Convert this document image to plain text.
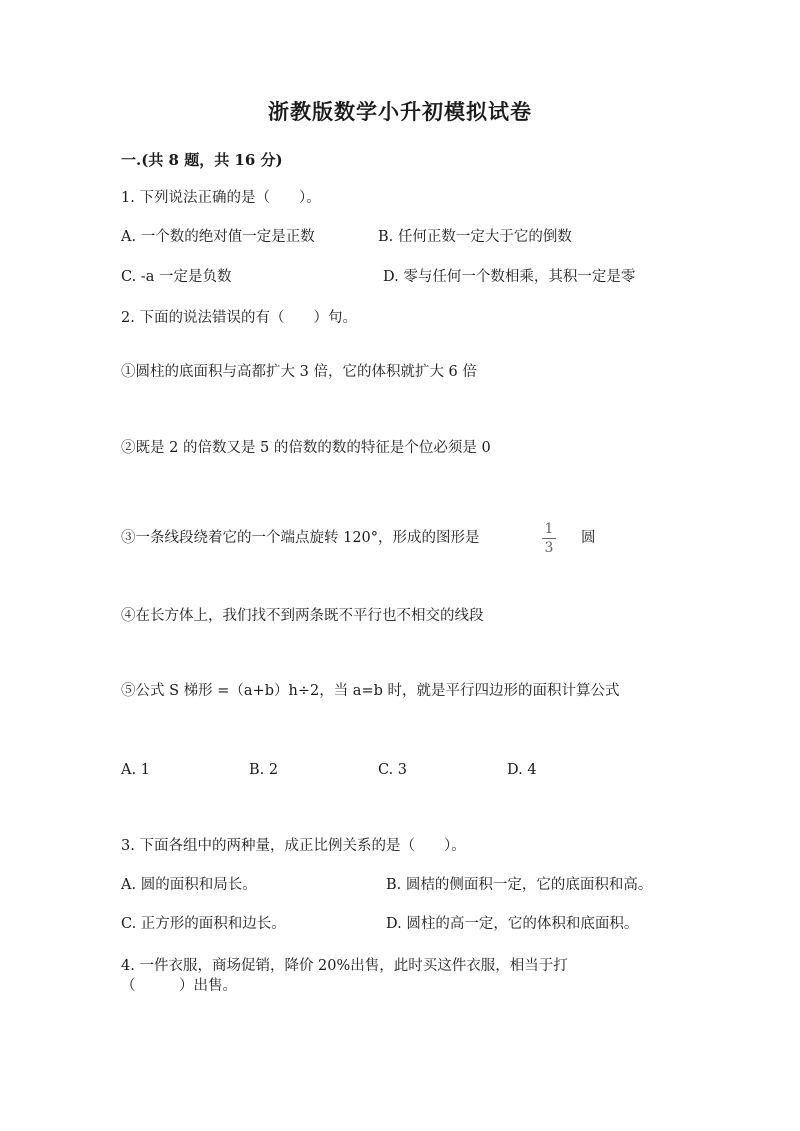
浙教版数学小升初模拟试卷
一.(共 8 题，共 16 分)
1. 下列说法正确的是（　　）。
A. 一个数的绝对值一定是正数	B. 任何正数一定大于它的倒数
C. -a 一定是负数	D. 零与任何一个数相乘，其积一定是零
2. 下面的说法错误的有（　　）句。
①圆柱的底面积与高都扩大 3 倍，它的体积就扩大 6 倍
②既是 2 的倍数又是 5 的倍数的数的特征是个位必须是 0
③一条线段绕着它的一个端点旋转 120°，形成的图形是
1
3
圆
④在长方体上，我们找不到两条既不平行也不相交的线段
⑤公式 S 梯形 =（a+b）h÷2，当 a=b 时，就是平行四边形的面积计算公式
A. 1	B. 2	C. 3	D. 4
3. 下面各组中的两种量，成正比例关系的是（　　）。
A. 圆的面积和局长。	B. 圆桔的侧面积一定，它的底面积和高。
C. 正方形的面积和边长。	D. 圆柱的高一定，它的体积和底面积。
4. 一件衣服，商场促销，降价 20%出售，此时买这件衣服，相当于打
（　　　）出售。
